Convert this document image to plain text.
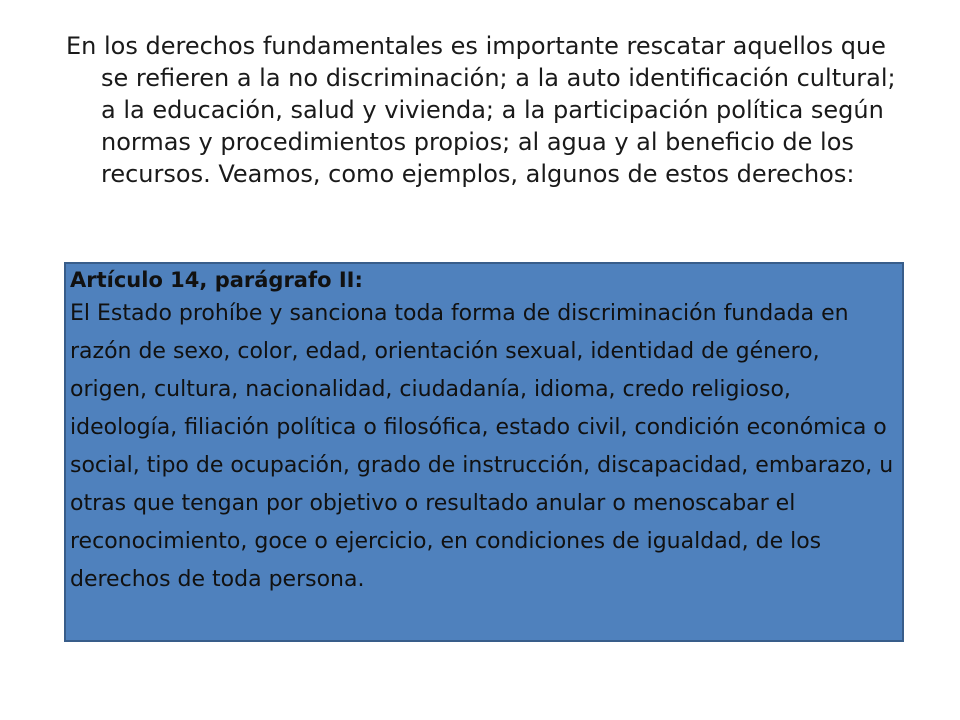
En los derechos fundamentales es importante rescatar aquellos que se refieren a la no discriminación; a la auto identificación cultural; a la educación, salud y vivienda; a la participación política según normas y procedimientos propios; al agua y al beneficio de los recursos. Veamos, como ejemplos, algunos de estos derechos:

Artículo 14, parágrafo II:

El Estado prohíbe y sanciona toda forma de discriminación fundada en razón de sexo, color, edad, orientación sexual, identidad de género, origen, cultura, nacionalidad, ciudadanía, idioma, credo religioso, ideología, filiación política o filosófica, estado civil, condición económica o social, tipo de ocupación, grado de instrucción, discapacidad, embarazo, u otras que tengan por objetivo o resultado anular o menoscabar el reconocimiento, goce o ejercicio, en condiciones de igualdad, de los derechos de toda persona.
